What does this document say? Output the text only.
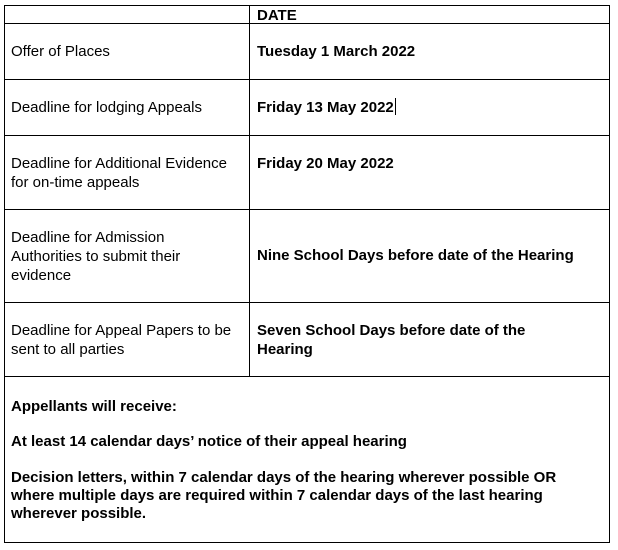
DATE
Offer of Places	Tuesday 1 March 2022
Deadline for lodging Appeals	Friday 13 May 2022
Deadline for Additional Evidence for on-time appeals
Friday 20 May 2022
Deadline for Admission Authorities to submit their evidence
Nine School Days before date of the Hearing
Deadline for Appeal Papers to be sent to all parties
Seven School Days before date of the Hearing
Appellants will receive:
At least 14 calendar days’ notice of their appeal hearing
Decision letters, within 7 calendar days of the hearing wherever possible OR where multiple days are required within 7 calendar days of the last hearing wherever possible.
